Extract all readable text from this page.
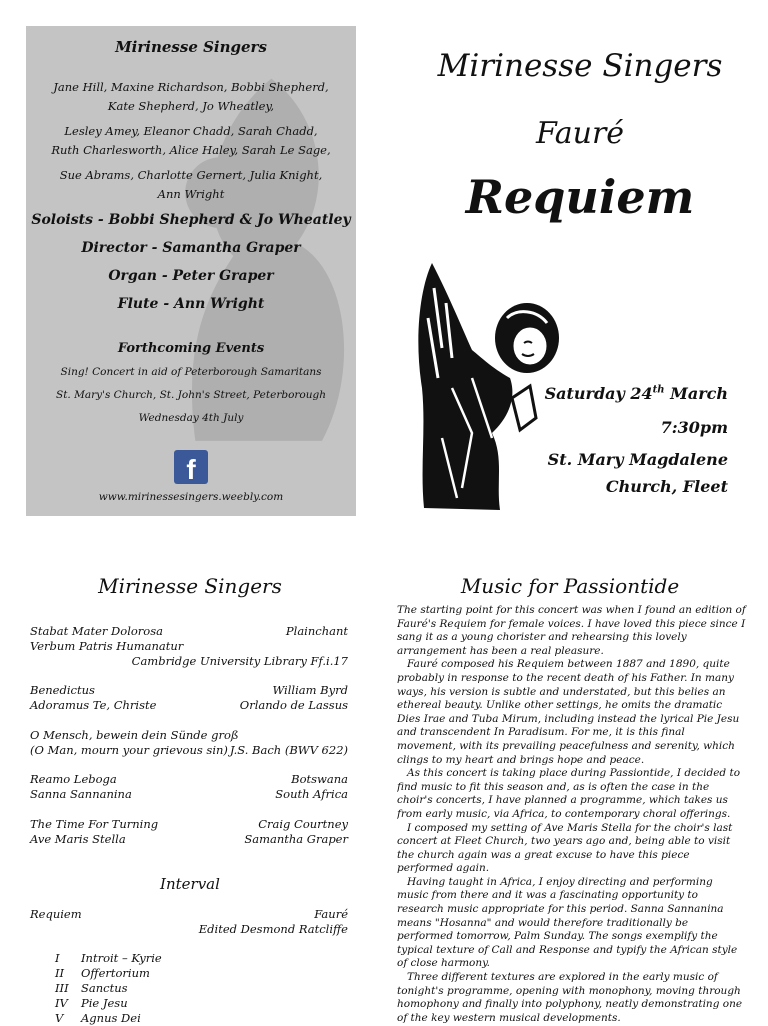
Mirinesse Singers
Jane Hill, Maxine Richardson, Bobbi Shepherd,
Kate Shepherd, Jo Wheatley,
Lesley Amey, Eleanor Chadd, Sarah Chadd,
Ruth Charlesworth, Alice Haley, Sarah Le Sage,
Sue Abrams, Charlotte Gernert, Julia Knight,
Ann Wright
Soloists - Bobbi Shepherd & Jo Wheatley
Director - Samantha Graper
Organ - Peter Graper
Flute - Ann Wright
Forthcoming Events
Sing! Concert in aid of Peterborough Samaritans
St. Mary's Church, St. John's Street, Peterborough
Wednesday 4th July
f
www.mirinessesingers.weebly.com
Mirinesse Singers
Fauré
Requiem
Saturday 24th March
7:30pm
St. Mary Magdalene
Church, Fleet
Mirinesse Singers
Stabat Mater Dolorosa	Plainchant
Verbum Patris Humanatur
Cambridge University Library Ff.i.17
Benedictus	William Byrd
Adoramus Te, Christe	Orlando de Lassus
O Mensch, bewein dein Sünde groß
(O Man, mourn your grievous sin) J.S. Bach (BWV 622)
Reamo Leboga	Botswana
Sanna Sannanina	South Africa
The Time For Turning	Craig Courtney
Ave Maris Stella	Samantha Graper
Interval
Requiem	Fauré
Edited Desmond Ratcliffe
I Introit – Kyrie
II Offertorium
III Sanctus
IV Pie Jesu
V Agnus Dei
Music for Passiontide

The starting point for this concert was when I found an edition of Fauré's Requiem for female voices. I have loved this piece since I sang it as a young chorister and rehearsing this lovely arrangement has been a real pleasure.

Fauré composed his Requiem between 1887 and 1890, quite probably in response to the recent death of his Father. In many ways, his version is subtle and understated, but this belies an ethereal beauty. Unlike other settings, he omits the dramatic Dies Irae and Tuba Mirum, including instead the lyrical Pie Jesu and transcendent In Paradisum. For me, it is this final movement, with its prevailing peacefulness and serenity, which clings to my heart and brings hope and peace.

As this concert is taking place during Passiontide, I decided to find music to fit this season and, as is often the case in the choir's concerts, I have planned a programme, which takes us from early music, via Africa, to contemporary choral offerings.

I composed my setting of Ave Maris Stella for the choir's last concert at Fleet Church, two years ago and, being able to visit the church again was a great excuse to have this piece performed again.

Having taught in Africa, I enjoy directing and performing music from there and it was a fascinating opportunity to research music appropriate for this period. Sanna Sannanina means "Hosanna" and would therefore traditionally be performed tomorrow, Palm Sunday. The songs exemplify the typical texture of Call and Response and typify the African style of close harmony.

Three different textures are explored in the early music of tonight's programme, opening with monophony, moving through homophony and finally into polyphony, neatly demonstrating one of the key western musical developments.
